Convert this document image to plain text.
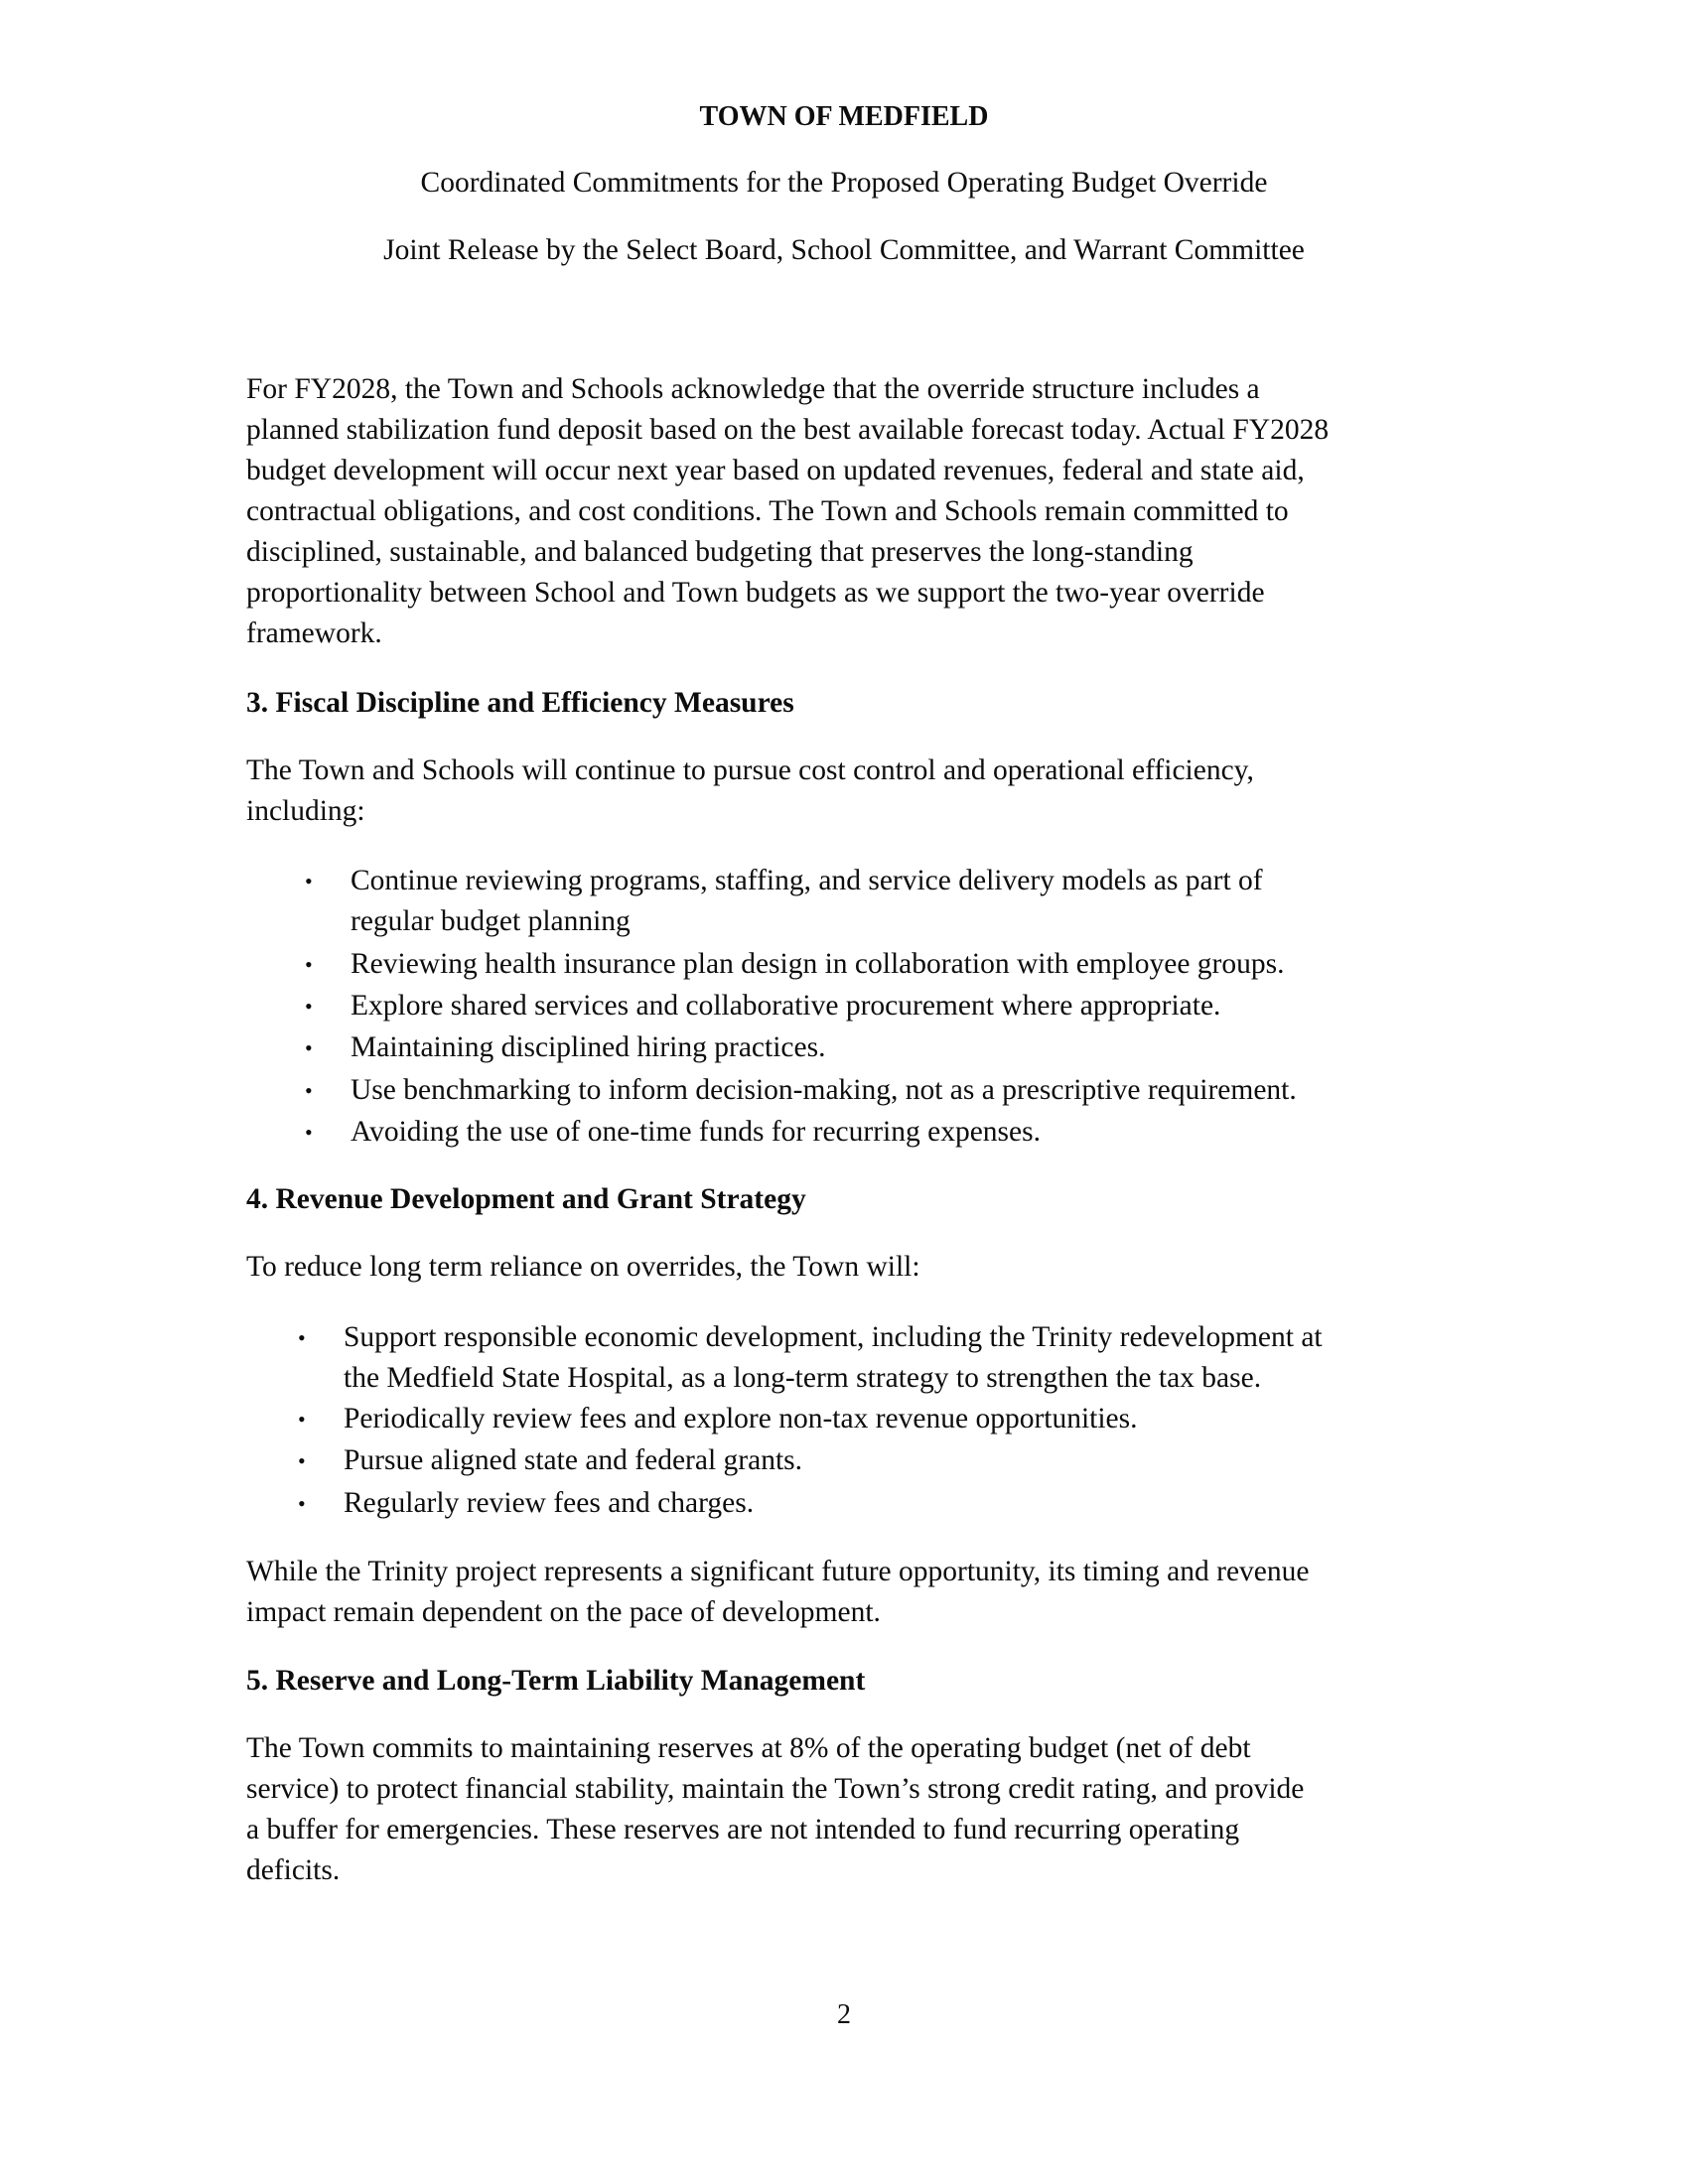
TOWN OF MEDFIELD
Coordinated Commitments for the Proposed Operating Budget Override
Joint Release by the Select Board, School Committee, and Warrant Committee
For FY2028, the Town and Schools acknowledge that the override structure includes a
planned stabilization fund deposit based on the best available forecast today. Actual FY2028
budget development will occur next year based on updated revenues, federal and state aid,
contractual obligations, and cost conditions. The Town and Schools remain committed to
disciplined, sustainable, and balanced budgeting that preserves the long-standing
proportionality between School and Town budgets as we support the two-year override
framework.
3. Fiscal Discipline and Efficiency Measures
The Town and Schools will continue to pursue cost control and operational efficiency,
including:
• Continue reviewing programs, staffing, and service delivery models as part of
regular budget planning
• Reviewing health insurance plan design in collaboration with employee groups.
• Explore shared services and collaborative procurement where appropriate.
• Maintaining disciplined hiring practices.
• Use benchmarking to inform decision-making, not as a prescriptive requirement.
• Avoiding the use of one-time funds for recurring expenses.
4. Revenue Development and Grant Strategy
To reduce long term reliance on overrides, the Town will:
• Support responsible economic development, including the Trinity redevelopment at
the Medfield State Hospital, as a long-term strategy to strengthen the tax base.
• Periodically review fees and explore non-tax revenue opportunities.
• Pursue aligned state and federal grants.
• Regularly review fees and charges.
While the Trinity project represents a significant future opportunity, its timing and revenue
impact remain dependent on the pace of development.
5. Reserve and Long-Term Liability Management
The Town commits to maintaining reserves at 8% of the operating budget (net of debt
service) to protect financial stability, maintain the Town’s strong credit rating, and provide
a buffer for emergencies. These reserves are not intended to fund recurring operating
deficits.
2
